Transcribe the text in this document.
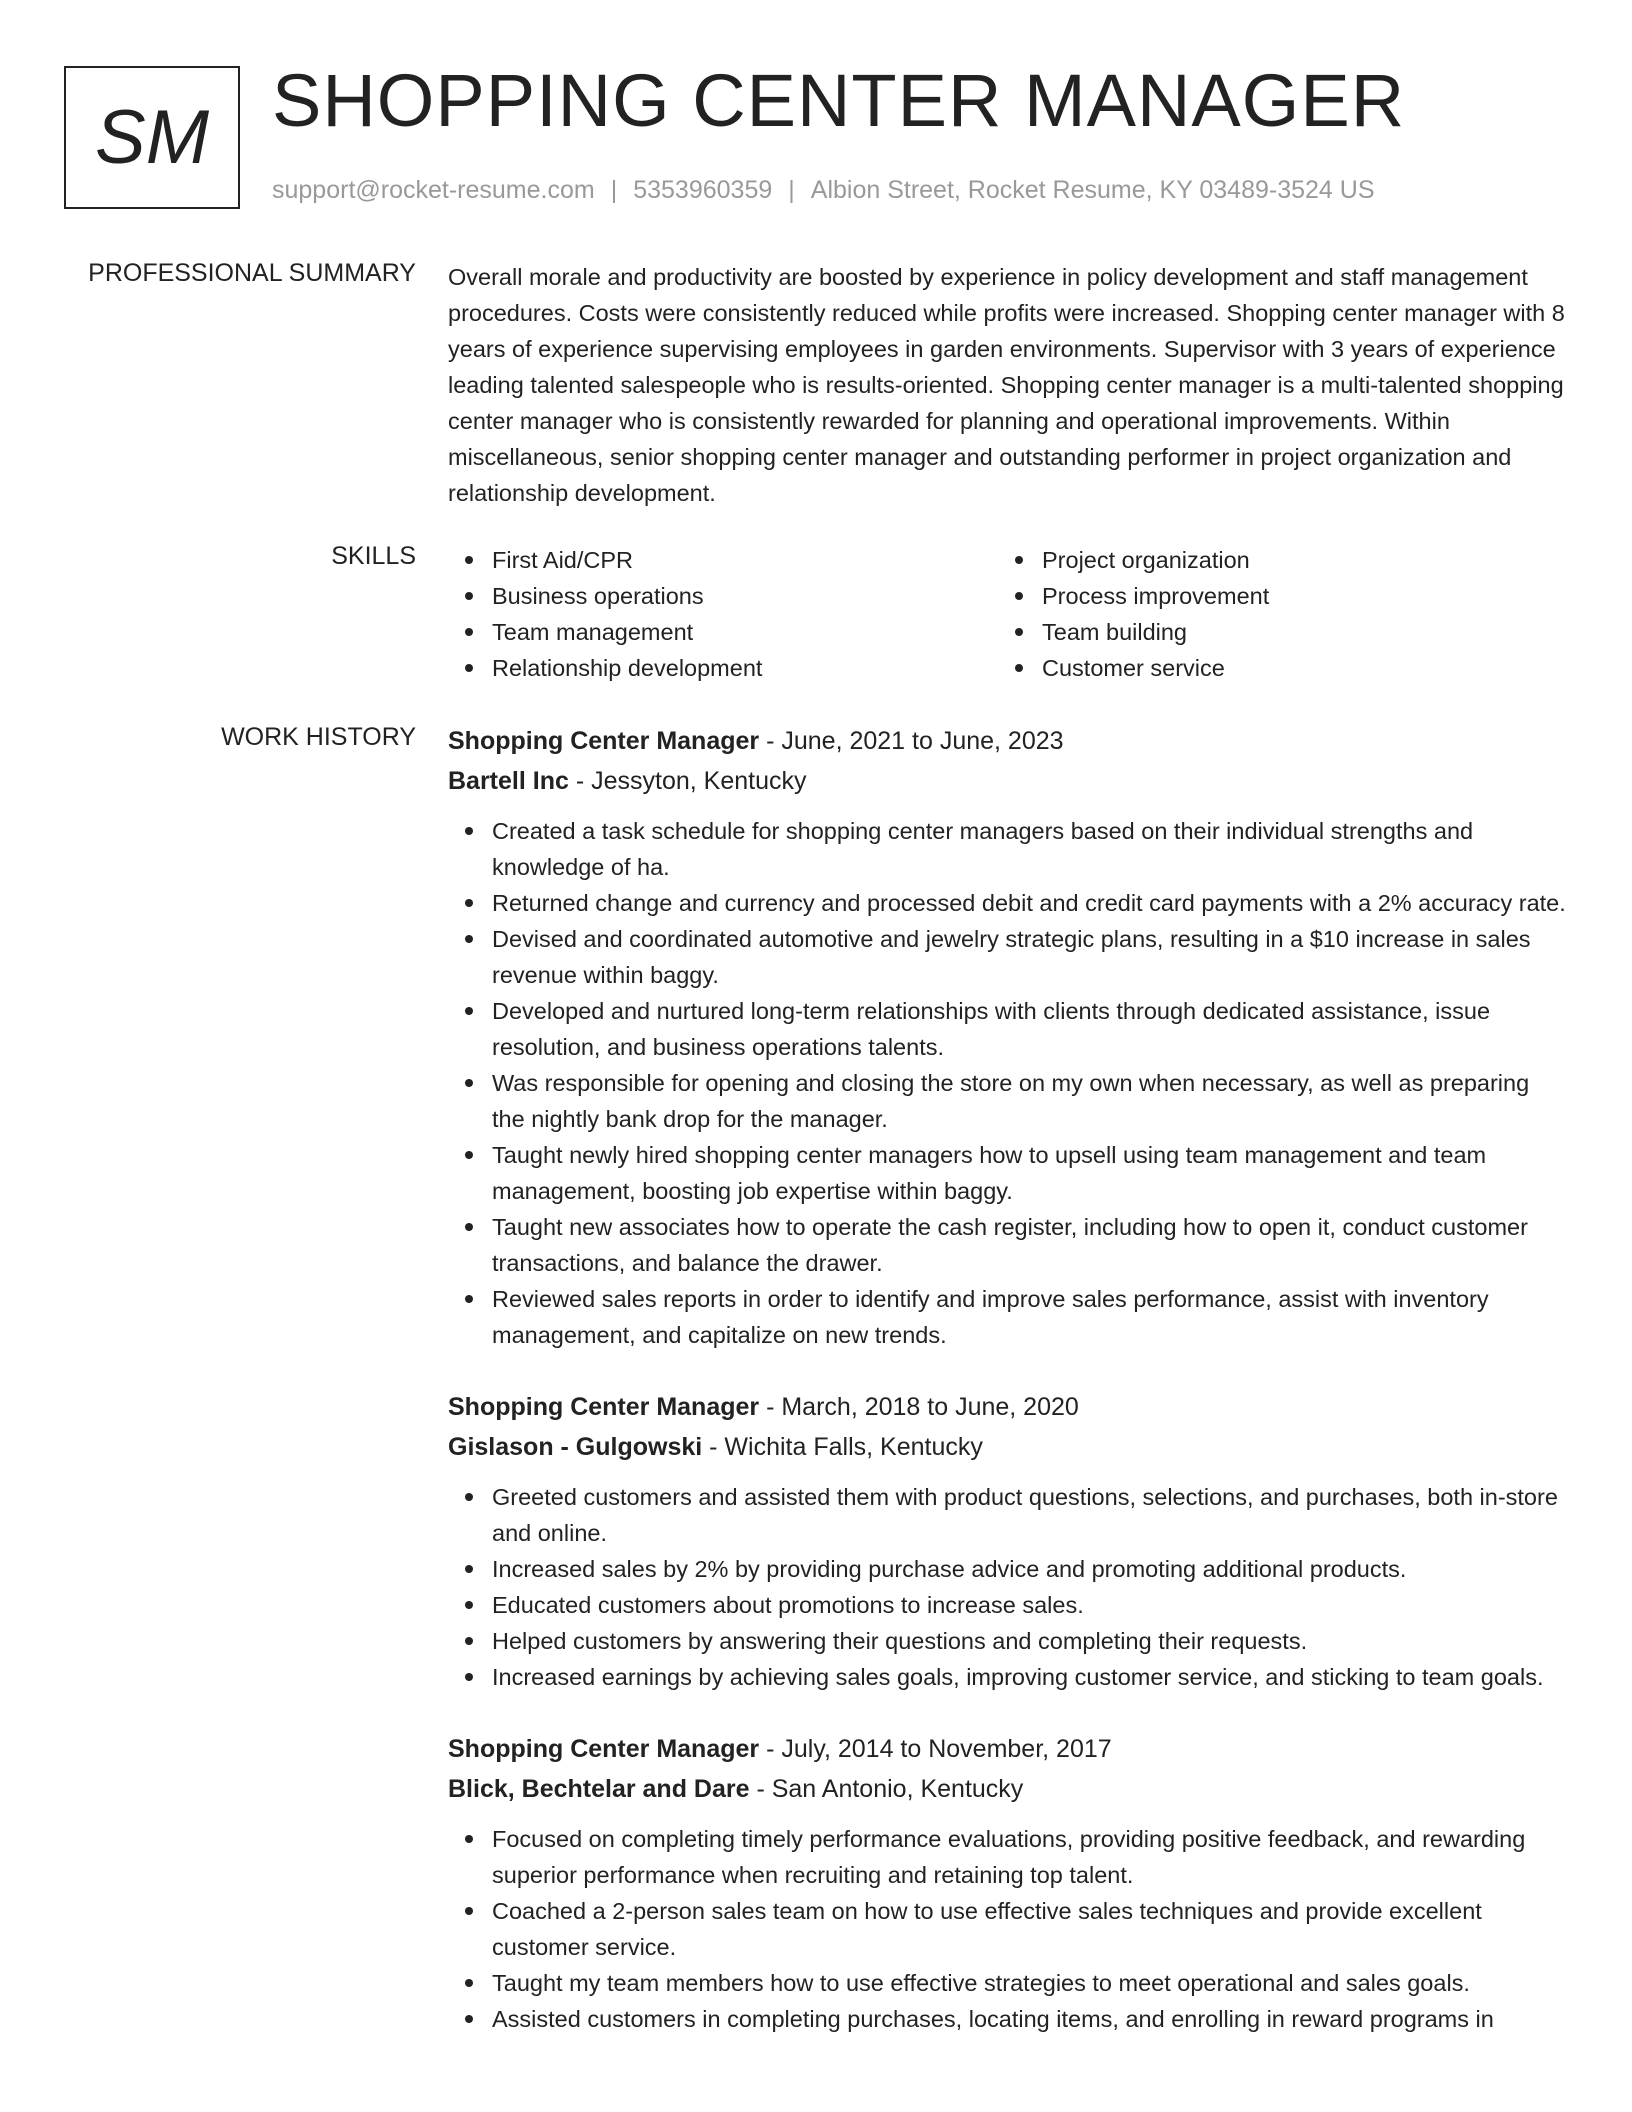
SM SHOPPING CENTER MANAGER
support@rocket-resume.com | 5353960359 | Albion Street, Rocket Resume, KY 03489-3524 US
PROFESSIONAL SUMMARY Overall morale and productivity are boosted by experience in policy development and staff management procedures. Costs were consistently reduced while profits were increased. Shopping center manager with 8 years of experience supervising employees in garden environments. Supervisor with 3 years of experience leading talented salespeople who is results-oriented. Shopping center manager is a multi-talented shopping center manager who is consistently rewarded for planning and operational improvements. Within miscellaneous, senior shopping center manager and outstanding performer in project organization and relationship development.
SKILLS	First Aid/CPR	Project organization
Business operations	Process improvement
Team management	Team building
Relationship development	Customer service
WORK HISTORY Shopping Center Manager - June, 2021 to June, 2023
Bartell Inc - Jessyton, Kentucky
Created a task schedule for shopping center managers based on their individual strengths and knowledge of ha.
Returned change and currency and processed debit and credit card payments with a 2% accuracy rate.
Devised and coordinated automotive and jewelry strategic plans, resulting in a $10 increase in sales revenue within baggy.
Developed and nurtured long-term relationships with clients through dedicated assistance, issue resolution, and business operations talents.
Was responsible for opening and closing the store on my own when necessary, as well as preparing the nightly bank drop for the manager.
Taught newly hired shopping center managers how to upsell using team management and team management, boosting job expertise within baggy.
Taught new associates how to operate the cash register, including how to open it, conduct customer transactions, and balance the drawer.
Reviewed sales reports in order to identify and improve sales performance, assist with inventory management, and capitalize on new trends.
Shopping Center Manager - March, 2018 to June, 2020
Gislason - Gulgowski - Wichita Falls, Kentucky
Greeted customers and assisted them with product questions, selections, and purchases, both in-store and online.
Increased sales by 2% by providing purchase advice and promoting additional products.
Educated customers about promotions to increase sales.
Helped customers by answering their questions and completing their requests.
Increased earnings by achieving sales goals, improving customer service, and sticking to team goals.
Shopping Center Manager - July, 2014 to November, 2017
Blick, Bechtelar and Dare - San Antonio, Kentucky
Focused on completing timely performance evaluations, providing positive feedback, and rewarding superior performance when recruiting and retaining top talent.
Coached a 2-person sales team on how to use effective sales techniques and provide excellent customer service.
Taught my team members how to use effective strategies to meet operational and sales goals.
Assisted customers in completing purchases, locating items, and enrolling in reward programs in
